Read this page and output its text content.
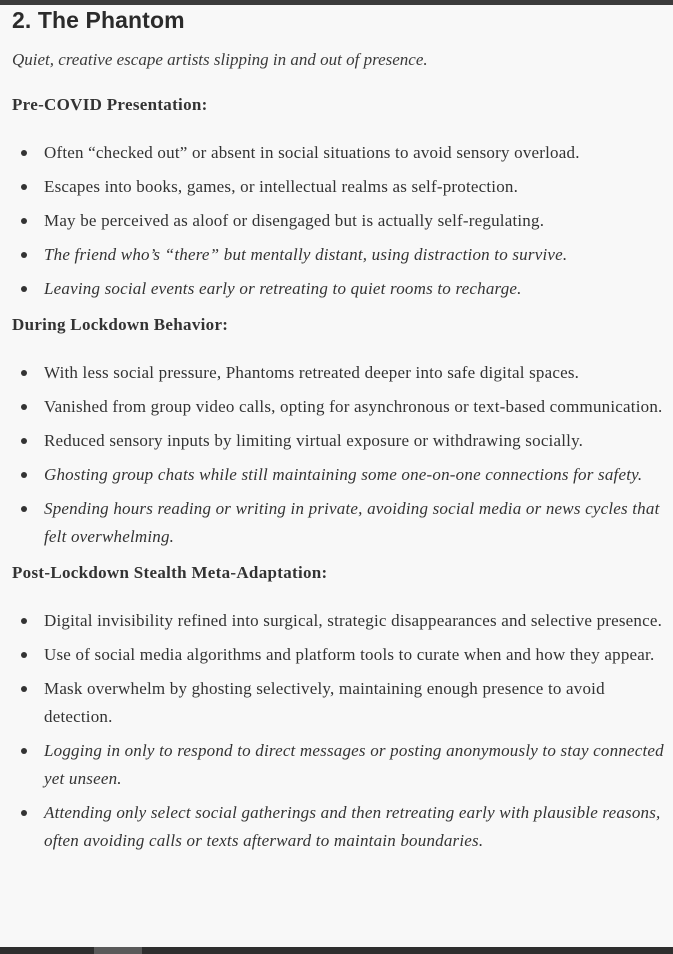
2. The Phantom

Quiet, creative escape artists slipping in and out of presence.

Pre-COVID Presentation:

Often “checked out” or absent in social situations to avoid sensory overload.
Escapes into books, games, or intellectual realms as self-protection.
May be perceived as aloof or disengaged but is actually self-regulating.
The friend who’s “there” but mentally distant, using distraction to survive.
Leaving social events early or retreating to quiet rooms to recharge.

During Lockdown Behavior:

With less social pressure, Phantoms retreated deeper into safe digital spaces.
Vanished from group video calls, opting for asynchronous or text-based communication.
Reduced sensory inputs by limiting virtual exposure or withdrawing socially.
Ghosting group chats while still maintaining some one-on-one connections for safety.
Spending hours reading or writing in private, avoiding social media or news cycles that felt overwhelming.

Post-Lockdown Stealth Meta-Adaptation:

Digital invisibility refined into surgical, strategic disappearances and selective presence.
Use of social media algorithms and platform tools to curate when and how they appear.
Mask overwhelm by ghosting selectively, maintaining enough presence to avoid detection.
Logging in only to respond to direct messages or posting anonymously to stay connected yet unseen.
Attending only select social gatherings and then retreating early with plausible reasons, often avoiding calls or texts afterward to maintain boundaries.
